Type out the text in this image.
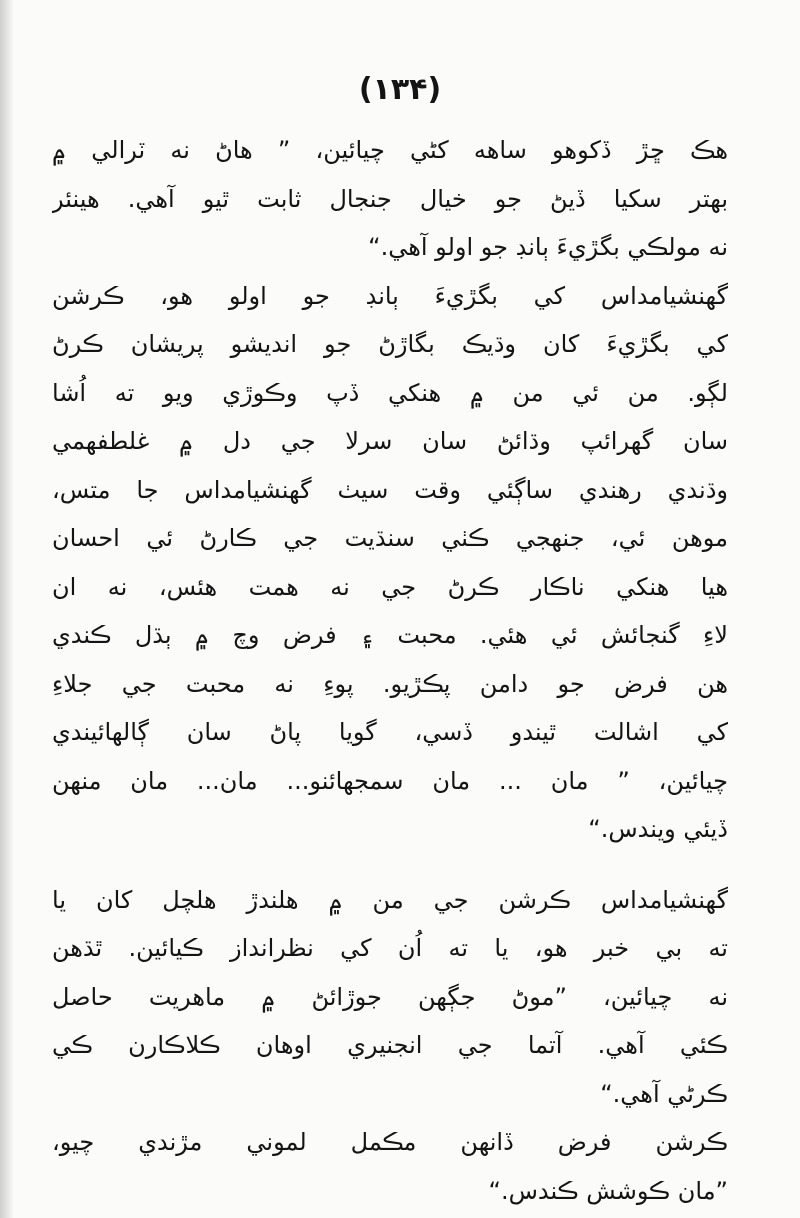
(۱۳۴)
هڪ ڇڙ ڏکوهو ساهه کڻي چيائين، ” هاڻ نه ٽرالي ۾
بهتر سکيا ڏيڻ جو خيال جنجال ثابت ٿيو آهي. هينئر
نه مولڪي بگڙيءَ ٻانڊ جو اولو آهي.“
گهنشيامداس کي بگڙيءَ ٻانڊ جو اولو هو، ڪرشن
کي بگڙيءَ کان وڌيڪ بگاڙڻ جو انديشو پريشان ڪرڻ
لڳو. من ئي من ۾ هنکي ڏپ وڪوڙي ويو ته اُشا
سان گهرائپ وڌائڻ سان سرلا جي دل ۾ غلطفهمي
وڌندي رهندي ساڳئي وقت سيٺ گهنشيامداس جا متس،
موهن ئي، جنهجي ڪٺي سنڌيت جي ڪارڻ ئي احسان
هيا هنکي ناڪار ڪرڻ جي نه همت هئس، نه ان
لاءِ گنجائش ئي هئي. محبت ۽ فرض وچ ۾ ٻڌل ڪندي
هن فرض جو دامن پڪڙيو. پوءِ نه محبت جي جلاءِ
کي اشالت ٿيندو ڏسي، گويا پاڻ سان ڳالهائيندي
چيائين، ” مان ... مان سمجهائنو... مان... مان منهن
ڏيئي ويندس.“
گهنشيامداس ڪرشن جي من ۾ هلندڙ هلچل کان يا
ته بي خبر هو، يا ته اُن کي نظرانداز ڪيائين. ٿڌهن
نه چيائين، ”موڻ جڳهن جوڙائڻ ۾ ماهريت حاصل
ڪئي آهي. آتما جي انجنيري اوهان ڪلاڪارن ڪي
ڪرڻي آهي.“
ڪرشن فرض ڏانهن مڪمل لموني مڙندي چيو،
”مان ڪوشش ڪندس.“
